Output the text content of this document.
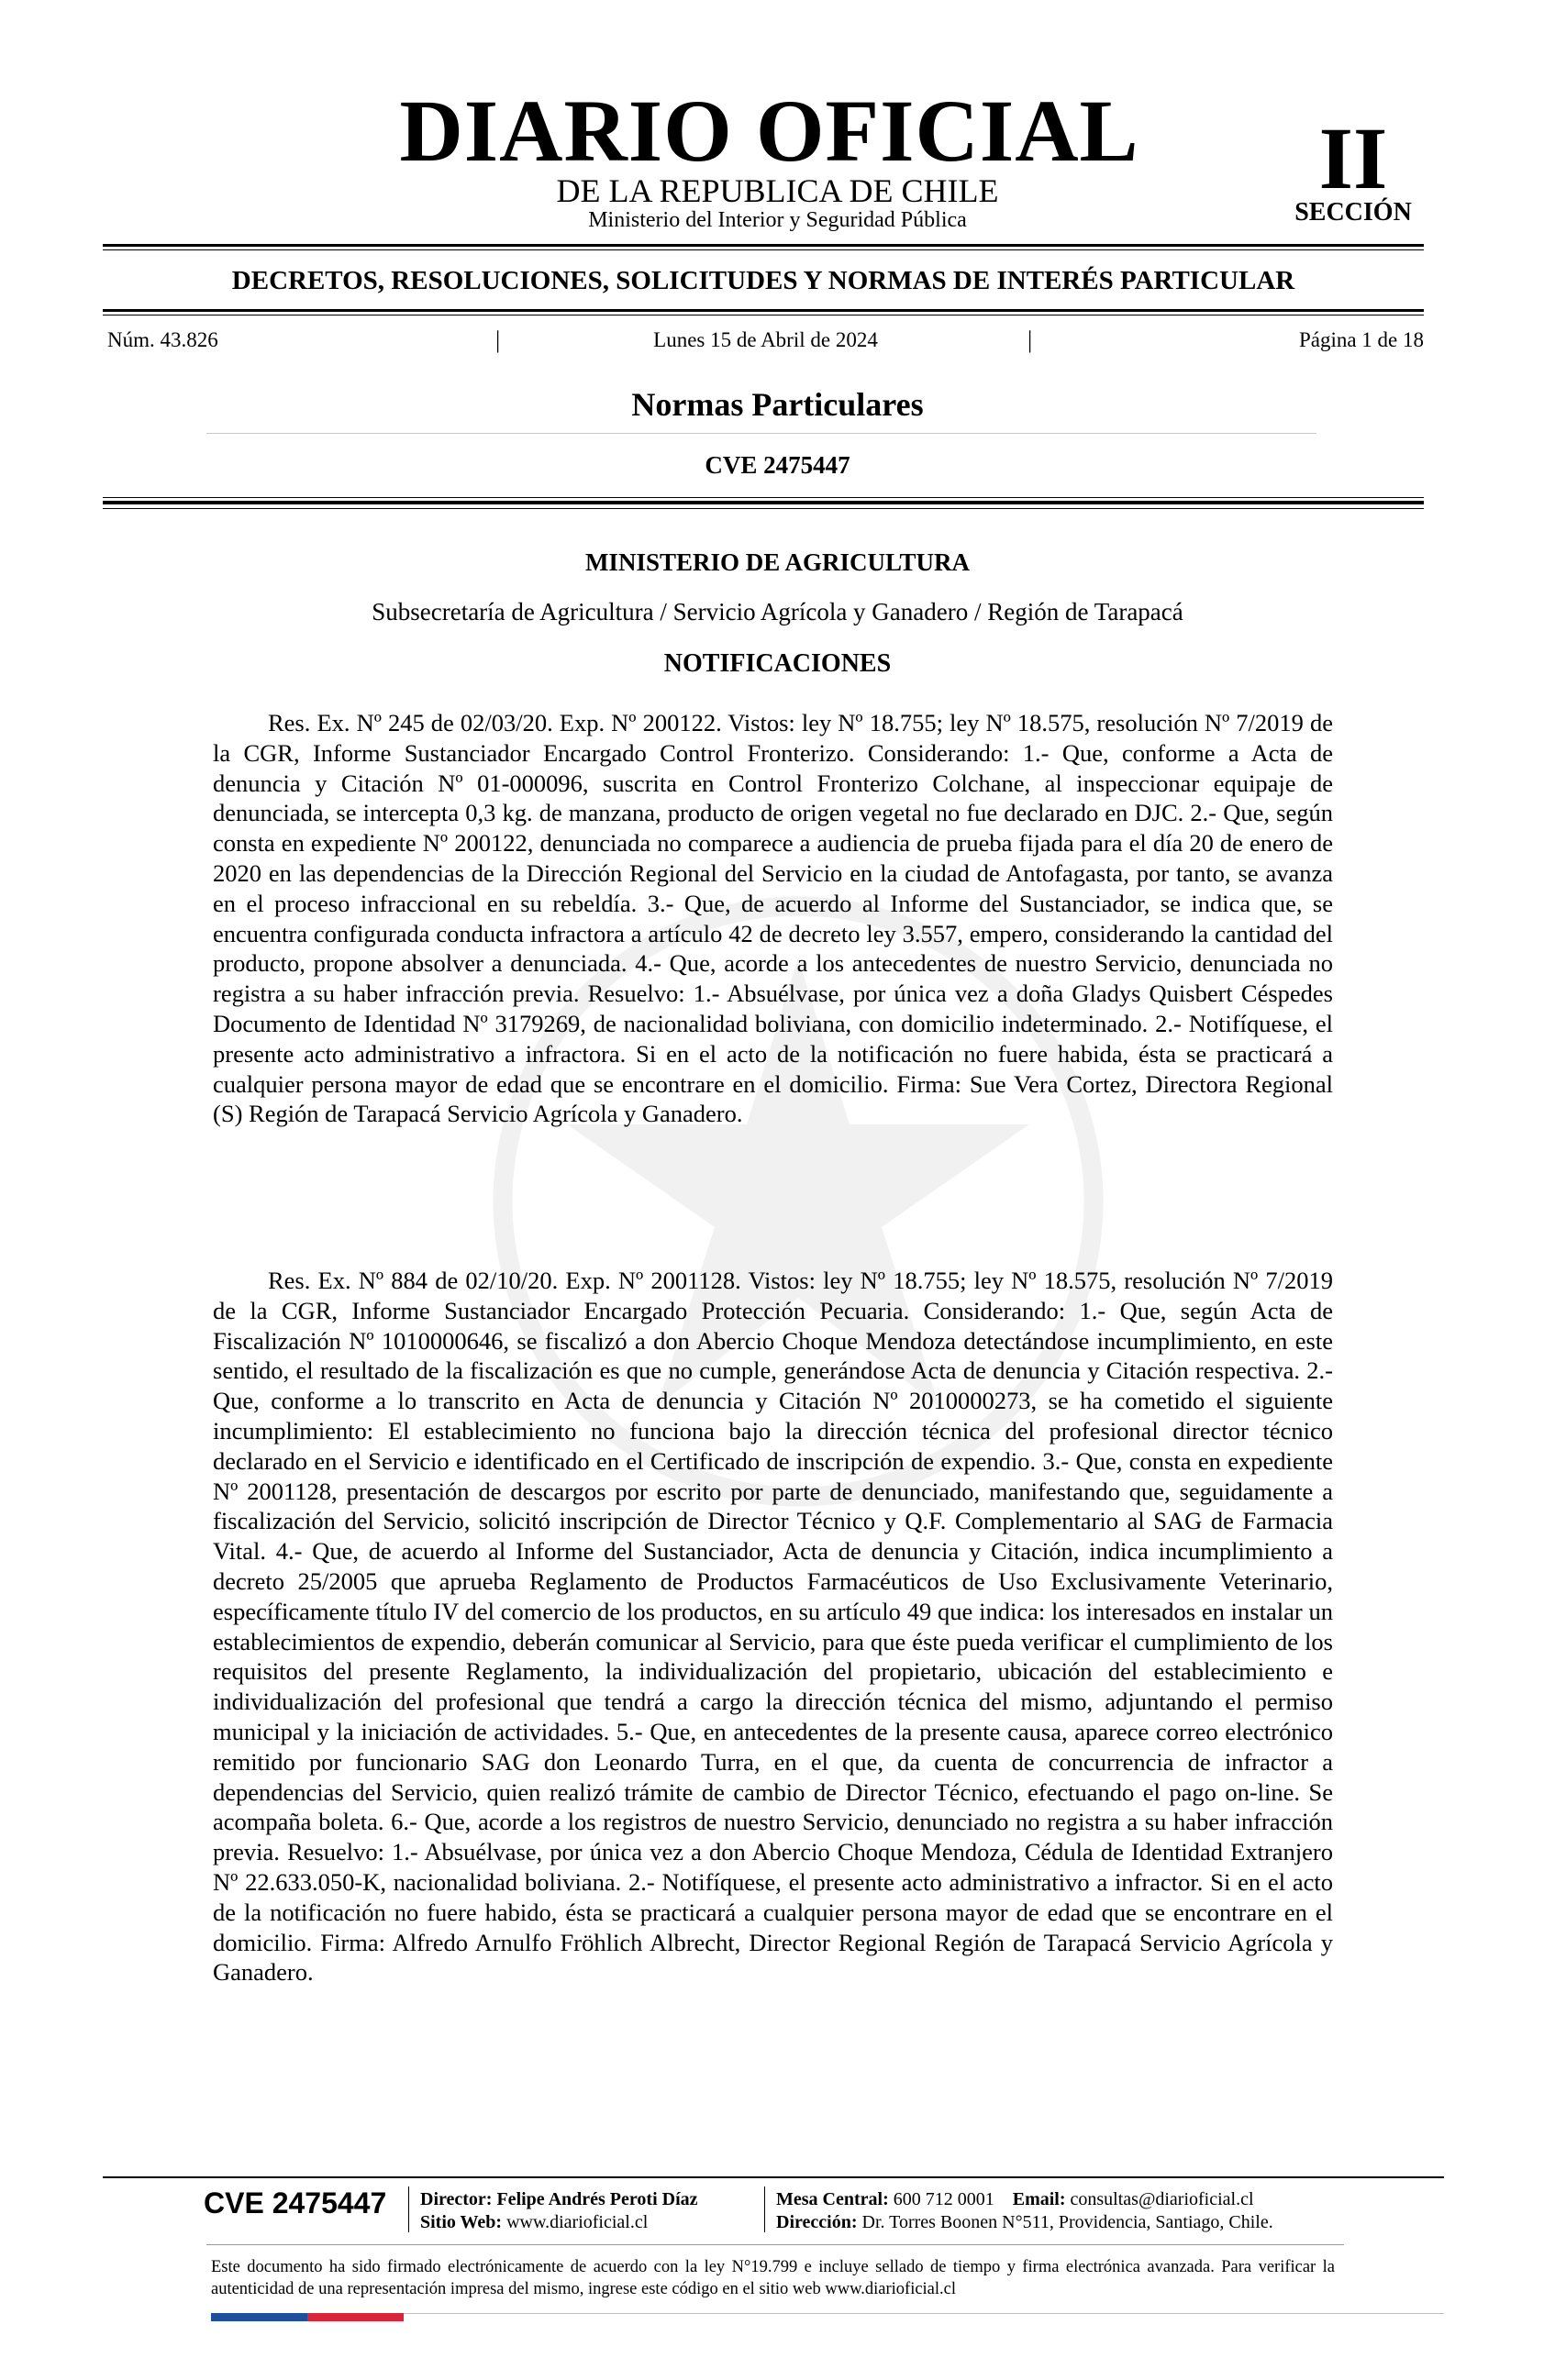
DIARIO OFICIAL
DE LA REPUBLICA DE CHILE
Ministerio del Interior y Seguridad Pública
II
SECCIÓN
DECRETOS, RESOLUCIONES, SOLICITUDES Y NORMAS DE INTERÉS PARTICULAR
Núm. 43.826	|	Lunes 15 de Abril de 2024	|	Página 1 de 18
Normas Particulares
CVE 2475447
MINISTERIO DE AGRICULTURA
Subsecretaría de Agricultura / Servicio Agrícola y Ganadero / Región de Tarapacá
NOTIFICACIONES

Res. Ex. Nº 245 de 02/03/20. Exp. Nº 200122. Vistos: ley Nº 18.755; ley Nº 18.575, resolución Nº 7/2019 de la CGR, Informe Sustanciador Encargado Control Fronterizo. Considerando: 1.- Que, conforme a Acta de denuncia y Citación Nº 01-000096, suscrita en Control Fronterizo Colchane, al inspeccionar equipaje de denunciada, se intercepta 0,3 kg. de manzana, producto de origen vegetal no fue declarado en DJC. 2.- Que, según consta en expediente Nº 200122, denunciada no comparece a audiencia de prueba fijada para el día 20 de enero de 2020 en las dependencias de la Dirección Regional del Servicio en la ciudad de Antofagasta, por tanto, se avanza en el proceso infraccional en su rebeldía. 3.- Que, de acuerdo al Informe del Sustanciador, se indica que, se encuentra configurada conducta infractora a artículo 42 de decreto ley 3.557, empero, considerando la cantidad del producto, propone absolver a denunciada. 4.- Que, acorde a los antecedentes de nuestro Servicio, denunciada no registra a su haber infracción previa. Resuelvo: 1.- Absuélvase, por única vez a doña Gladys Quisbert Céspedes Documento de Identidad Nº 3179269, de nacionalidad boliviana, con domicilio indeterminado. 2.- Notifíquese, el presente acto administrativo a infractora. Si en el acto de la notificación no fuere habida, ésta se practicará a cualquier persona mayor de edad que se encontrare en el domicilio. Firma: Sue Vera Cortez, Directora Regional (S) Región de Tarapacá Servicio Agrícola y Ganadero.

Res. Ex. Nº 884 de 02/10/20. Exp. Nº 2001128. Vistos: ley Nº 18.755; ley Nº 18.575, resolución Nº 7/2019 de la CGR, Informe Sustanciador Encargado Protección Pecuaria. Considerando: 1.- Que, según Acta de Fiscalización Nº 1010000646, se fiscalizó a don Abercio Choque Mendoza detectándose incumplimiento, en este sentido, el resultado de la fiscalización es que no cumple, generándose Acta de denuncia y Citación respectiva. 2.- Que, conforme a lo transcrito en Acta de denuncia y Citación Nº 2010000273, se ha cometido el siguiente incumplimiento: El establecimiento no funciona bajo la dirección técnica del profesional director técnico declarado en el Servicio e identificado en el Certificado de inscripción de expendio. 3.- Que, consta en expediente Nº 2001128, presentación de descargos por escrito por parte de denunciado, manifestando que, seguidamente a fiscalización del Servicio, solicitó inscripción de Director Técnico y Q.F. Complementario al SAG de Farmacia Vital. 4.- Que, de acuerdo al Informe del Sustanciador, Acta de denuncia y Citación, indica incumplimiento a decreto 25/2005 que aprueba Reglamento de Productos Farmacéuticos de Uso Exclusivamente Veterinario, específicamente título IV del comercio de los productos, en su artículo 49 que indica: los interesados en instalar un establecimientos de expendio, deberán comunicar al Servicio, para que éste pueda verificar el cumplimiento de los requisitos del presente Reglamento, la individualización del propietario, ubicación del establecimiento e individualización del profesional que tendrá a cargo la dirección técnica del mismo, adjuntando el permiso municipal y la iniciación de actividades. 5.- Que, en antecedentes de la presente causa, aparece correo electrónico remitido por funcionario SAG don Leonardo Turra, en el que, da cuenta de concurrencia de infractor a dependencias del Servicio, quien realizó trámite de cambio de Director Técnico, efectuando el pago on-line. Se acompaña boleta. 6.- Que, acorde a los registros de nuestro Servicio, denunciado no registra a su haber infracción previa. Resuelvo: 1.- Absuélvase, por única vez a don Abercio Choque Mendoza, Cédula de Identidad Extranjero Nº 22.633.050-K, nacionalidad boliviana. 2.- Notifíquese, el presente acto administrativo a infractor. Si en el acto de la notificación no fuere habido, ésta se practicará a cualquier persona mayor de edad que se encontrare en el domicilio. Firma: Alfredo Arnulfo Fröhlich Albrecht, Director Regional Región de Tarapacá Servicio Agrícola y Ganadero.

CVE 2475447 Director: Felipe Andrés Peroti Díaz
Sitio Web: www.diarioficial.cl
Mesa Central: 600 712 0001 Email: consultas@diarioficial.cl
Dirección: Dr. Torres Boonen N°511, Providencia, Santiago, Chile.
Este documento ha sido firmado electrónicamente de acuerdo con la ley N°19.799 e incluye sellado de tiempo y firma electrónica avanzada. Para verificar la autenticidad de una representación impresa del mismo, ingrese este código en el sitio web www.diarioficial.cl
